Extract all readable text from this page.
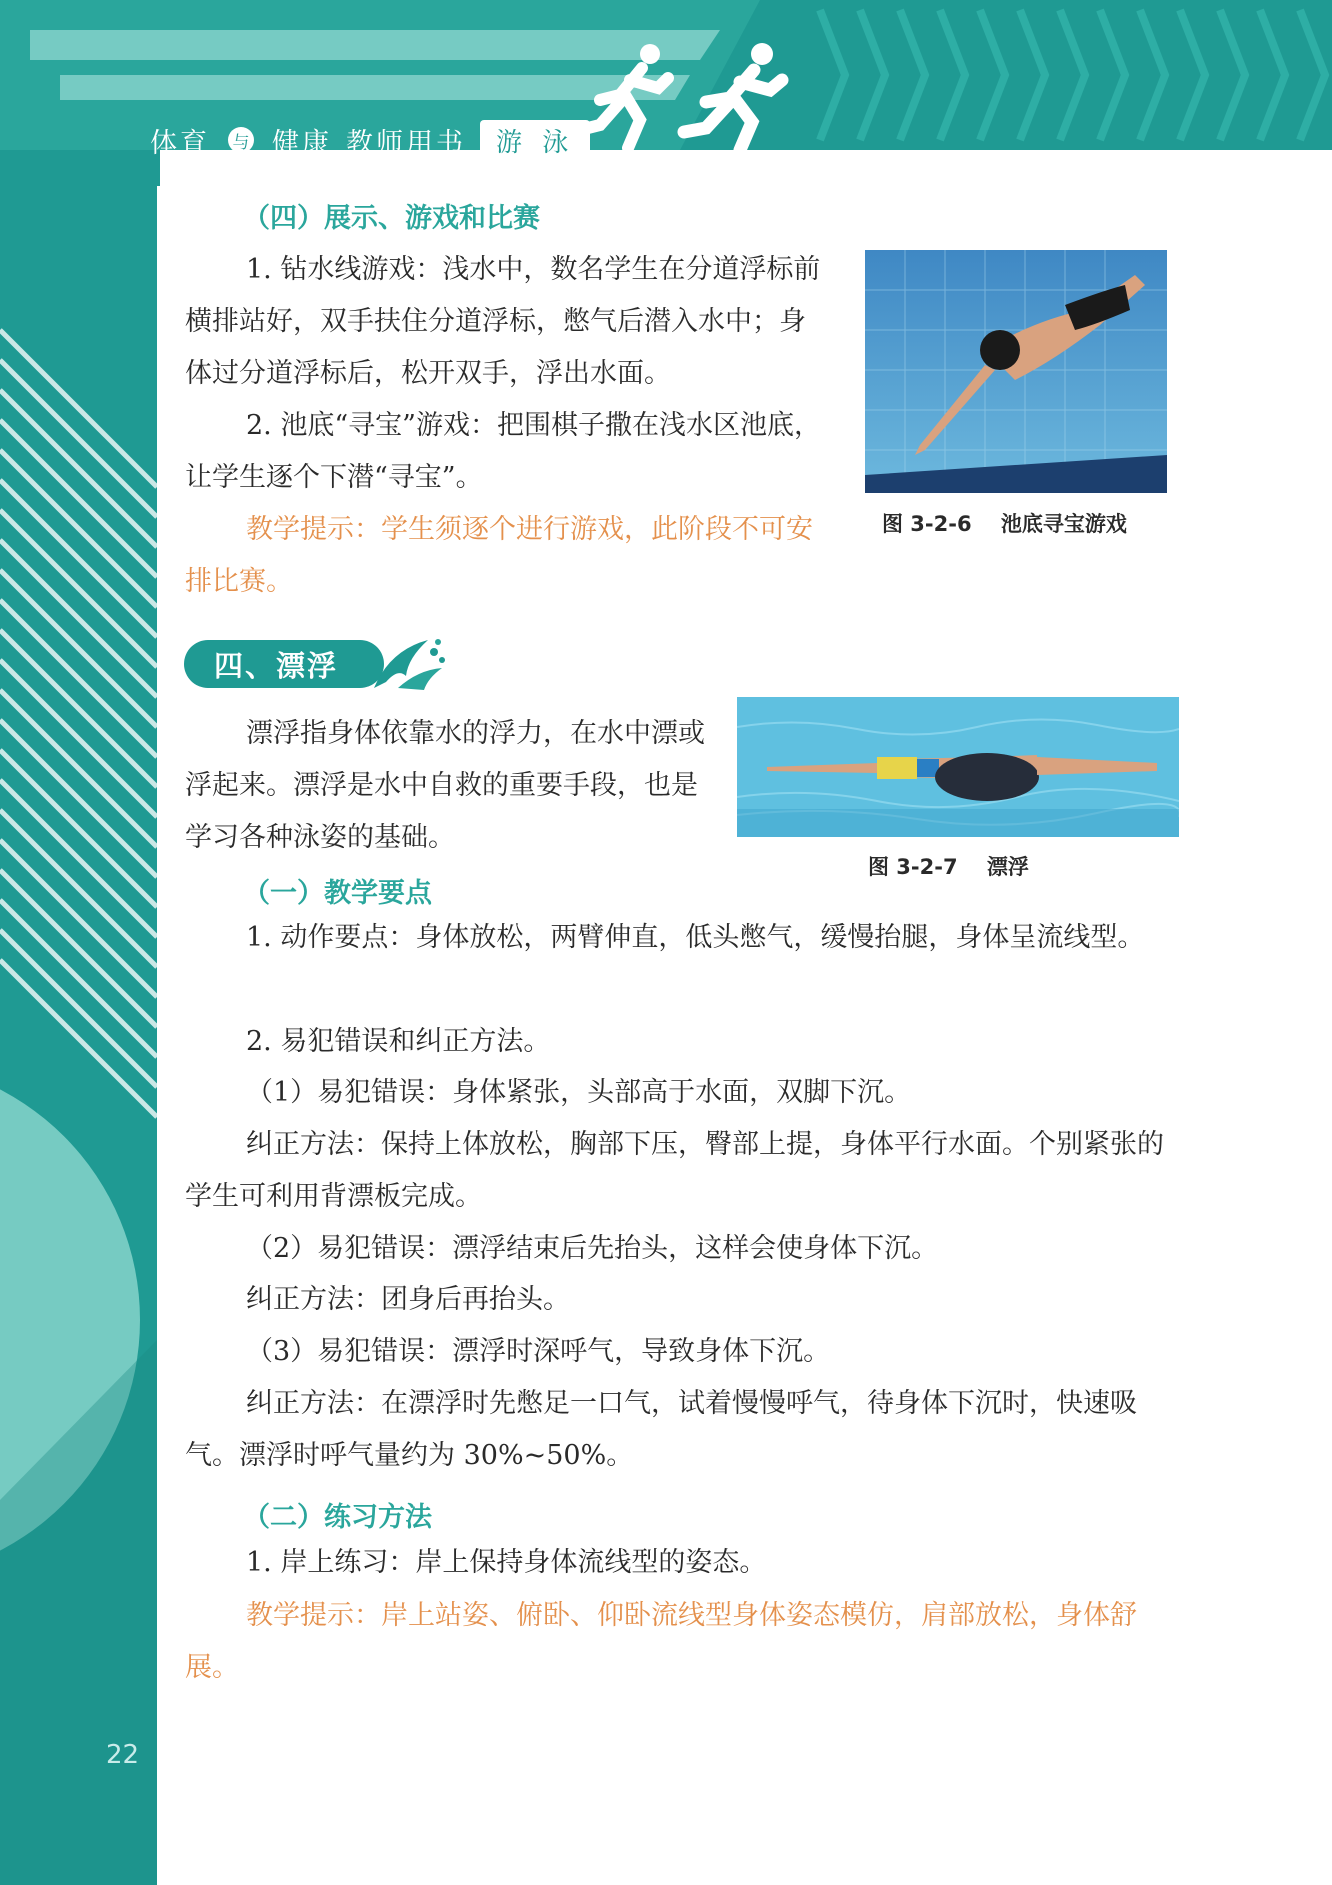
体育 与 健康 教师用书	游 泳
（四）展示、游戏和比赛

1. 钻水线游戏：浅水中，数名学生在分道浮标前横排站好，双手扶住分道浮标，憋气后潜入水中；身体过分道浮标后，松开双手，浮出水面。

2. 池底“寻宝”游戏：把围棋子撒在浅水区池底，让学生逐个下潜“寻宝”。

教学提示：学生须逐个进行游戏，此阶段不可安排比赛。

图 3-2-6    池底寻宝游戏
四、漂浮

漂浮指身体依靠水的浮力，在水中漂或浮起来。漂浮是水中自救的重要手段，也是学习各种泳姿的基础。

图 3-2-7    漂浮
（一）教学要点

1. 动作要点：身体放松，两臂伸直，低头憋气，缓慢抬腿，身体呈流线型。

2. 易犯错误和纠正方法。

（1）易犯错误：身体紧张，头部高于水面，双脚下沉。

纠正方法：保持上体放松，胸部下压，臀部上提，身体平行水面。个别紧张的学生可利用背漂板完成。

（2）易犯错误：漂浮结束后先抬头，这样会使身体下沉。

纠正方法：团身后再抬头。

（3）易犯错误：漂浮时深呼气，导致身体下沉。

纠正方法：在漂浮时先憋足一口气，试着慢慢呼气，待身体下沉时，快速吸气。漂浮时呼气量约为 30%~50%。

（二）练习方法

1. 岸上练习：岸上保持身体流线型的姿态。

教学提示：岸上站姿、俯卧、仰卧流线型身体姿态模仿，肩部放松，身体舒展。

22
